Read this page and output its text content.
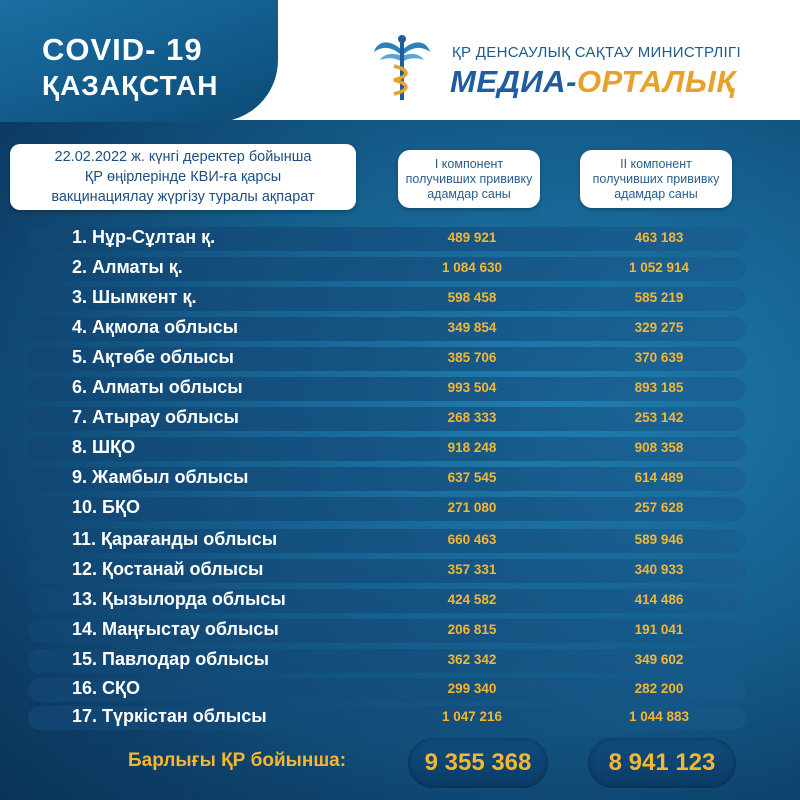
COVID- 19
ҚАЗАҚСТАН
ҚР ДЕНСАУЛЫҚ САҚТАУ МИНИСТРЛІГІ
МЕДИА-ОРТАЛЫҚ
22.02.2022 ж. күнгі деректер бойынша
ҚР өңірлерінде КВИ-ға қарсы
вакцинациялау жүргізу туралы ақпарат
I компонент
получивших прививку
адамдар саны
II компонент
получивших прививку
адамдар саны
1. Нұр-Сұлтан қ.	489 921	463 183
2. Алматы қ.	1 084 630	1 052 914
3. Шымкент қ.	598 458	585 219
4. Ақмола облысы	349 854	329 275
5. Ақтөбе облысы	385 706	370 639
6. Алматы облысы	993 504	893 185
7. Атырау облысы	268 333	253 142
8. ШҚО	918 248	908 358
9. Жамбыл облысы	637 545	614 489
10. БҚО	271 080	257 628
11. Қарағанды облысы	660 463	589 946
12. Қостанай облысы	357 331	340 933
13. Қызылорда облысы	424 582	414 486
14. Маңғыстау облысы	206 815	191 041
15. Павлодар облысы	362 342	349 602
16. СҚО	299 340	282 200
17. Түркістан облысы	1 047 216	1 044 883
Барлығы ҚР бойынша:	9 355 368	8 941 123
